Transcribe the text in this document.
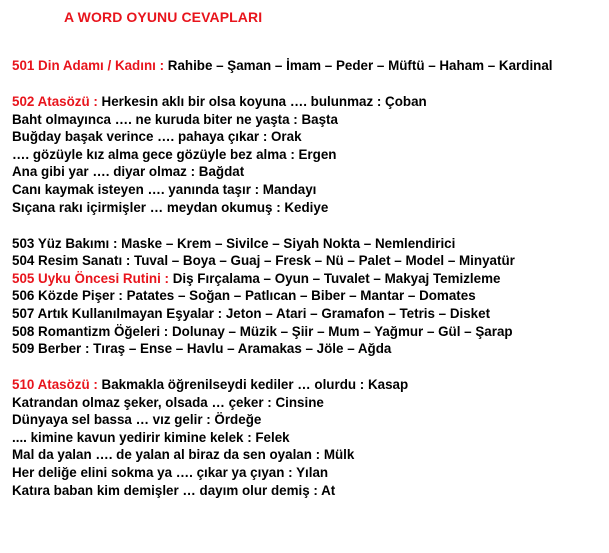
A WORD OYUNU CEVAPLARI
501 Din Adamı / Kadını : Rahibe – Şaman – İmam – Peder – Müftü – Haham – Kardinal
502 Atasözü : Herkesin aklı bir olsa koyuna …. bulunmaz : Çoban
Baht olmayınca …. ne kuruda biter ne yaşta : Başta
Buğday başak verince …. pahaya çıkar : Orak
…. gözüyle kız alma gece gözüyle bez alma : Ergen
Ana gibi yar …. diyar olmaz : Bağdat
Canı kaymak isteyen …. yanında taşır : Mandayı
Sıçana rakı içirmişler … meydan okumuş : Kediye
503 Yüz Bakımı : Maske – Krem – Sivilce – Siyah Nokta – Nemlendirici
504 Resim Sanatı : Tuval – Boya – Guaj – Fresk – Nü – Palet – Model – Minyatür
505 Uyku Öncesi Rutini : Diş Fırçalama – Oyun – Tuvalet – Makyaj Temizleme
506 Közde Pişer : Patates – Soğan – Patlıcan – Biber – Mantar – Domates
507 Artık Kullanılmayan Eşyalar : Jeton – Atari – Gramafon – Tetris – Disket
508 Romantizm Öğeleri : Dolunay – Müzik – Şiir – Mum – Yağmur – Gül – Şarap
509 Berber : Tıraş – Ense – Havlu – Aramakas – Jöle – Ağda
510 Atasözü : Bakmakla öğrenilseydi kediler … olurdu : Kasap
Katrandan olmaz şeker, olsada … çeker : Cinsine
Dünyaya sel bassa … vız gelir : Ördeğe
.... kimine kavun yedirir kimine kelek : Felek
Mal da yalan …. de yalan al biraz da sen oyalan : Mülk
Her deliğe elini sokma ya …. çıkar ya çıyan : Yılan
Katıra baban kim demişler … dayım olur demiş : At
